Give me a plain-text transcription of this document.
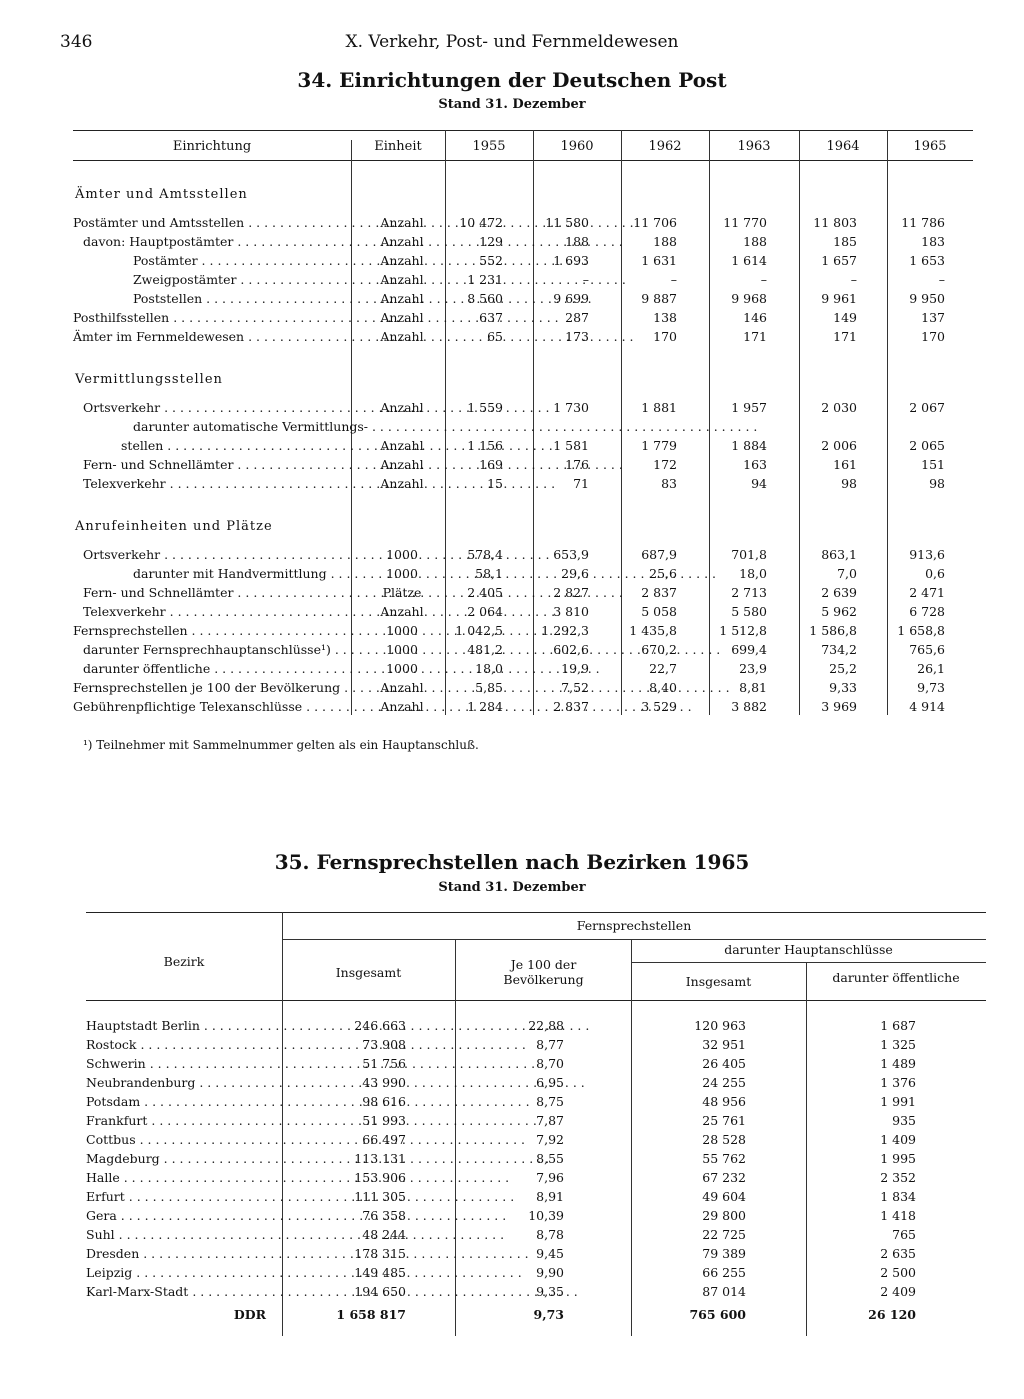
346	X. Verkehr, Post- und Fernmeldewesen
34. Einrichtungen der Deutschen Post
Stand 31. Dezember
Einrichtung	Einheit	1955	1960	1962	1963	1964	1965
Ämter und Amtsstellen
Postämter und Amtsstellen . . .	Anzahl	10 472	11 580	11 706	11 770	11 803	11 786
davon: Hauptpostämter . . .	Anzahl	129	188	188	188	185	183
Postämter . . .	Anzahl	552	1 693	1 631	1 614	1 657	1 653
Zweigpostämter . . .	Anzahl	1 231	–	–	–	–	–
Poststellen . . .	Anzahl	8 560	9 699	9 887	9 968	9 961	9 950
Posthilfsstellen . . .	Anzahl	637	287	138	146	149	137
Ämter im Fernmeldewesen . . .	Anzahl	65	173	170	171	171	170
Vermittlungsstellen
Ortsverkehr . . .	Anzahl	1 559	1 730	1 881	1 957	2 030	2 067
darunter automatische Vermittlungs- . . .
stellen . . .	Anzahl	1 156	1 581	1 779	1 884	2 006	2 065
Fern- und Schnellämter . . .	Anzahl	169	176	172	163	161	151
Telexverkehr . . .	Anzahl	15	71	83	94	98	98
Anrufeinheiten und Plätze
Ortsverkehr . . .	1000	578,4	653,9	687,9	701,8	863,1	913,6
darunter mit Handvermittlung . . .	1000	58,1	29,6	25,6	18,0	7,0	0,6
Fern- und Schnellämter . . .	Plätze	2 405	2 827	2 837	2 713	2 639	2 471
Telexverkehr . . .	Anzahl	2 064	3 810	5 058	5 580	5 962	6 728
Fernsprechstellen . . .	1000	1 042,5	1 292,3	1 435,8	1 512,8	1 586,8	1 658,8
darunter Fernsprechhauptanschlüsse¹) . . .	1000	481,2	602,6	670,2	699,4	734,2	765,6
darunter öffentliche . . .	1000	18,0	19,9	22,7	23,9	25,2	26,1
Fernsprechstellen je 100 der Bevölkerung . . .	Anzahl	5,85	7,52	8,40	8,81	9,33	9,73
Gebührenpflichtige Telexanschlüsse . . .	Anzahl	1 284	2 837	3 529	3 882	3 969	4 914
¹) Teilnehmer mit Sammelnummer gelten als ein Hauptanschluß.
35. Fernsprechstellen nach Bezirken 1965
Stand 31. Dezember
Bezirk
Fernsprechstellen
Insgesamt
Je 100 der Bevölkerung
darunter Hauptanschlüsse
Insgesamt	darunter öffentliche
Hauptstadt Berlin . . .	246 663	22,88	120 963	1 687
Rostock . . .	73 908	8,77	32 951	1 325
Schwerin . . .	51 756	8,70	26 405	1 489
Neubrandenburg . . .	43 990	6,95	24 255	1 376
Potsdam . . .	98 616	8,75	48 956	1 991
Frankfurt . . .	51 993	7,87	25 761	935
Cottbus . . .	66 497	7,92	28 528	1 409
Magdeburg . . .	113 131	8,55	55 762	1 995
Halle . . .	153 906	7,96	67 232	2 352
Erfurt . . .	111 305	8,91	49 604	1 834
Gera . . .	76 358	10,39	29 800	1 418
Suhl . . .	48 244	8,78	22 725	765
Dresden . . .	178 315	9,45	79 389	2 635
Leipzig . . .	149 485	9,90	66 255	2 500
Karl-Marx-Stadt . . .	194 650	9,35	87 014	2 409
DDR	1 658 817	9,73	765 600	26 120
